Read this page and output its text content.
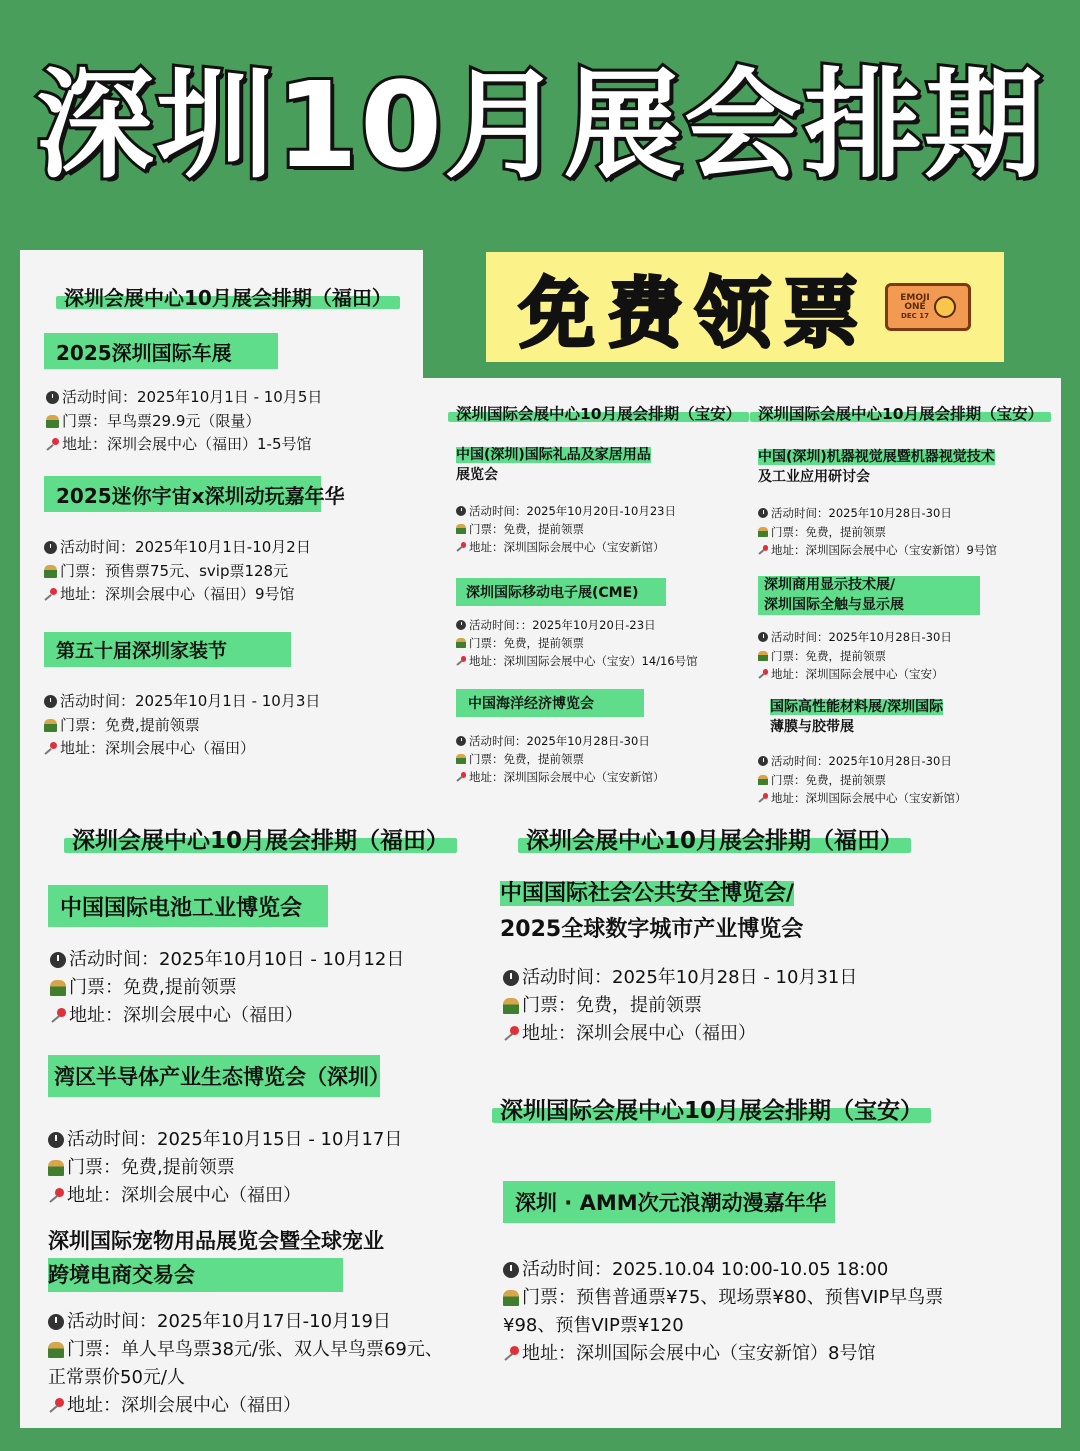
深圳10月展会排期
免费领票	EMOJI
ONE
DEC 17
深圳会展中心10月展会排期（福田）
2025深圳国际车展
活动时间：2025年10月1日 - 10月5日
门票：早鸟票29.9元（限量）
地址：深圳会展中心（福田）1-5号馆
2025迷你宇宙x深圳动玩嘉年华
活动时间：2025年10月1日-10月2日
门票：预售票75元、svip票128元
地址：深圳会展中心（福田）9号馆
第五十届深圳家装节
活动时间：2025年10月1日 - 10月3日
门票：免费,提前领票
地址：深圳会展中心（福田）
深圳国际会展中心10月展会排期（宝安）
中国(深圳)国际礼品及家居用品
展览会
活动时间：2025年10月20日-10月23日
门票：免费，提前领票
地址：深圳国际会展中心（宝安新馆）
深圳国际移动电子展(CME)
活动时间：：2025年10月20日-23日
门票：免费，提前领票
地址：深圳国际会展中心（宝安）14/16号馆
中国海洋经济博览会
活动时间：2025年10月28日-30日
门票：免费，提前领票
地址：深圳国际会展中心（宝安新馆）
深圳国际会展中心10月展会排期（宝安）
中国(深圳)机器视觉展暨机器视觉技术
及工业应用研讨会
活动时间：2025年10月28日-30日
门票：免费，提前领票
地址：深圳国际会展中心（宝安新馆）9号馆
深圳商用显示技术展/
深圳国际全触与显示展
活动时间：2025年10月28日-30日
门票：免费，提前领票
地址：深圳国际会展中心（宝安）
国际高性能材料展/深圳国际
薄膜与胶带展
活动时间：2025年10月28日-30日
门票：免费，提前领票
地址：深圳国际会展中心（宝安新馆）
深圳会展中心10月展会排期（福田）
中国国际电池工业博览会
活动时间：2025年10月10日 - 10月12日
门票：免费,提前领票
地址：深圳会展中心（福田）
湾区半导体产业生态博览会（深圳）
活动时间：2025年10月15日 - 10月17日
门票：免费,提前领票
地址：深圳会展中心（福田）
深圳国际宠物用品展览会暨全球宠业
跨境电商交易会
活动时间：2025年10月17日-10月19日
门票：单人早鸟票38元/张、双人早鸟票69元、
正常票价50元/人
地址：深圳会展中心（福田）
深圳会展中心10月展会排期（福田）
中国国际社会公共安全博览会/
2025全球数字城市产业博览会
活动时间：2025年10月28日 - 10月31日
门票：免费，提前领票
地址：深圳会展中心（福田）
深圳国际会展中心10月展会排期（宝安）
深圳 · AMM次元浪潮动漫嘉年华
活动时间：2025.10.04 10:00-10.05 18:00
门票：预售普通票¥75、现场票¥80、预售VIP早鸟票
¥98、预售VIP票¥120
地址：深圳国际会展中心（宝安新馆）8号馆
